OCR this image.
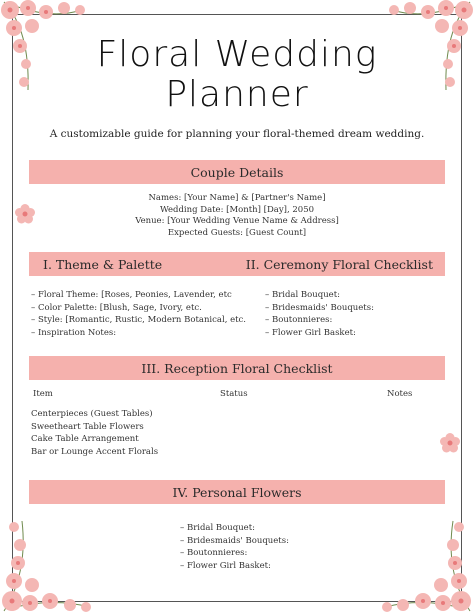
Floral Wedding
Planner
A customizable guide for planning your floral-themed dream wedding.
Couple Details
Names: [Your Name] & [Partner's Name]
Wedding Date: [Month] [Day], 2050
Venue: [Your Wedding Venue Name & Address]
Expected Guests: [Guest Count]
I. Theme & Palette	II. Ceremony Floral Checklist
– Floral Theme: [Roses, Peonies, Lavender, etc
– Color Palette: [Blush, Sage, Ivory, etc.
– Style: [Romantic, Rustic, Modern Botanical, etc.
– Inspiration Notes:
– Bridal Bouquet:
– Bridesmaids' Bouquets:
– Boutonnieres:
– Flower Girl Basket:
III. Reception Floral Checklist
Item	Status	Notes
Centerpieces (Guest Tables)
Sweetheart Table Flowers
Cake Table Arrangement
Bar or Lounge Accent Florals
IV. Personal Flowers
– Bridal Bouquet:
– Bridesmaids' Bouquets:
– Boutonnieres:
– Flower Girl Basket:
